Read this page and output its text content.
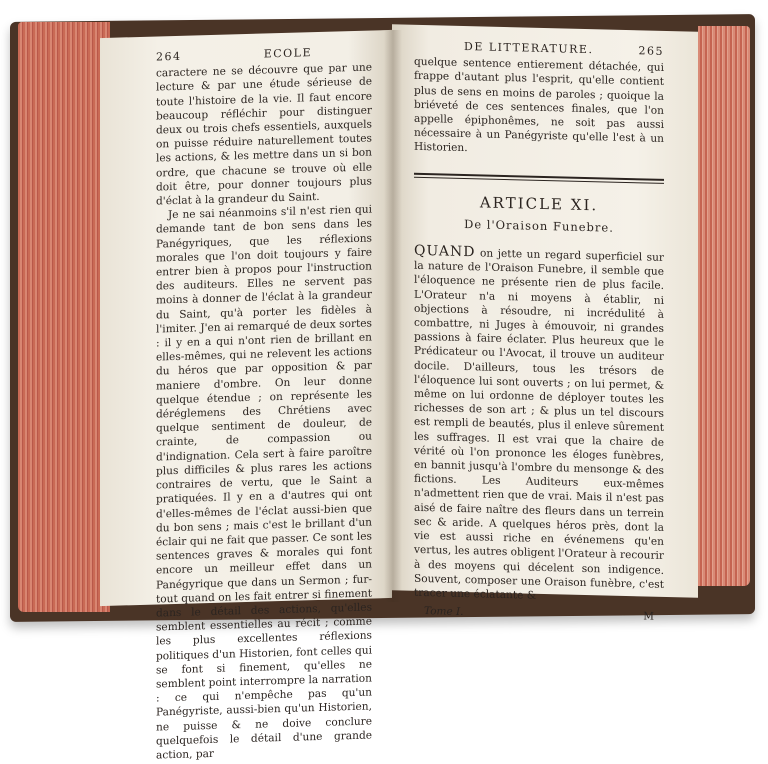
264	ECOLE

caractere ne se découvre que par une lecture & par une étude sérieuse de toute l'histoire de la vie. Il faut encore beaucoup réfléchir pour distinguer deux ou trois chefs essentiels, auxquels on puisse réduire naturellement toutes les actions, & les mettre dans un si bon ordre, que chacune se trouve où elle doit être, pour donner toujours plus d'éclat à la grandeur du Saint.

Je ne sai néanmoins s'il n'est rien qui demande tant de bon sens dans les Panégyriques, que les réflexions morales que l'on doit toujours y faire entrer bien à propos pour l'instruction des auditeurs. Elles ne servent pas moins à donner de l'éclat à la grandeur du Saint, qu'à porter les fidèles à l'imiter. J'en ai remarqué de deux sortes : il y en a qui n'ont rien de brillant en elles-mêmes, qui ne relevent les actions du héros que par opposition & par maniere d'ombre. On leur donne quelque étendue ; on représente les déréglemens des Chrétiens avec quelque sentiment de douleur, de crainte, de compassion ou d'indignation. Cela sert à faire paroître plus difficiles & plus rares les actions contraires de vertu, que le Saint a pratiquées. Il y en a d'autres qui ont d'elles-mêmes de l'éclat aussi-bien que du bon sens ; mais c'est le brillant d'un éclair qui ne fait que passer. Ce sont les sentences graves & morales qui font encore un meilleur effet dans un Panégyrique que dans un Sermon ; fur-tout quand on les fait entrer si finement dans le détail des actions, qu'elles semblent essentielles au récit ; comme les plus excellentes réflexions politiques d'un Historien, font celles qui se font si finement, qu'elles ne semblent point interrompre la narration : ce qui n'empêche pas qu'un Panégyriste, aussi-bien qu'un Historien, ne puisse & ne doive conclure quelquefois le détail d'une grande action, par

DE LITTERATURE.	265

quelque sentence entierement détachée, qui frappe d'autant plus l'esprit, qu'elle contient plus de sens en moins de paroles ; quoique la briéveté de ces sentences finales, que l'on appelle épiphonêmes, ne soit pas aussi nécessaire à un Panégyriste qu'elle l'est à un Historien.

ARTICLE XI.
De l'Oraison Funebre.

QUAND on jette un regard superficiel sur la nature de l'Oraison Funebre, il semble que l'éloquence ne présente rien de plus facile. L'Orateur n'a ni moyens à établir, ni objections à résoudre, ni incrédulité à combattre, ni Juges à émouvoir, ni grandes passions à faire éclater. Plus heureux que le Prédicateur ou l'Avocat, il trouve un auditeur docile. D'ailleurs, tous les trésors de l'éloquence lui sont ouverts ; on lui permet, & même on lui ordonne de déployer toutes les richesses de son art ; & plus un tel discours est rempli de beautés, plus il enleve sûrement les suffrages. Il est vrai que la chaire de vérité où l'on prononce les éloges funèbres, en bannit jusqu'à l'ombre du mensonge & des fictions. Les Auditeurs eux-mêmes n'admettent rien que de vrai. Mais il n'est pas aisé de faire naître des fleurs dans un terrein sec & aride. A quelques héros près, dont la vie est aussi riche en événemens qu'en vertus, les autres obligent l'Orateur à recourir à des moyens qui décelent son indigence. Souvent, composer une Oraison funèbre, c'est tracer une éclatante &

Tome I.	M
